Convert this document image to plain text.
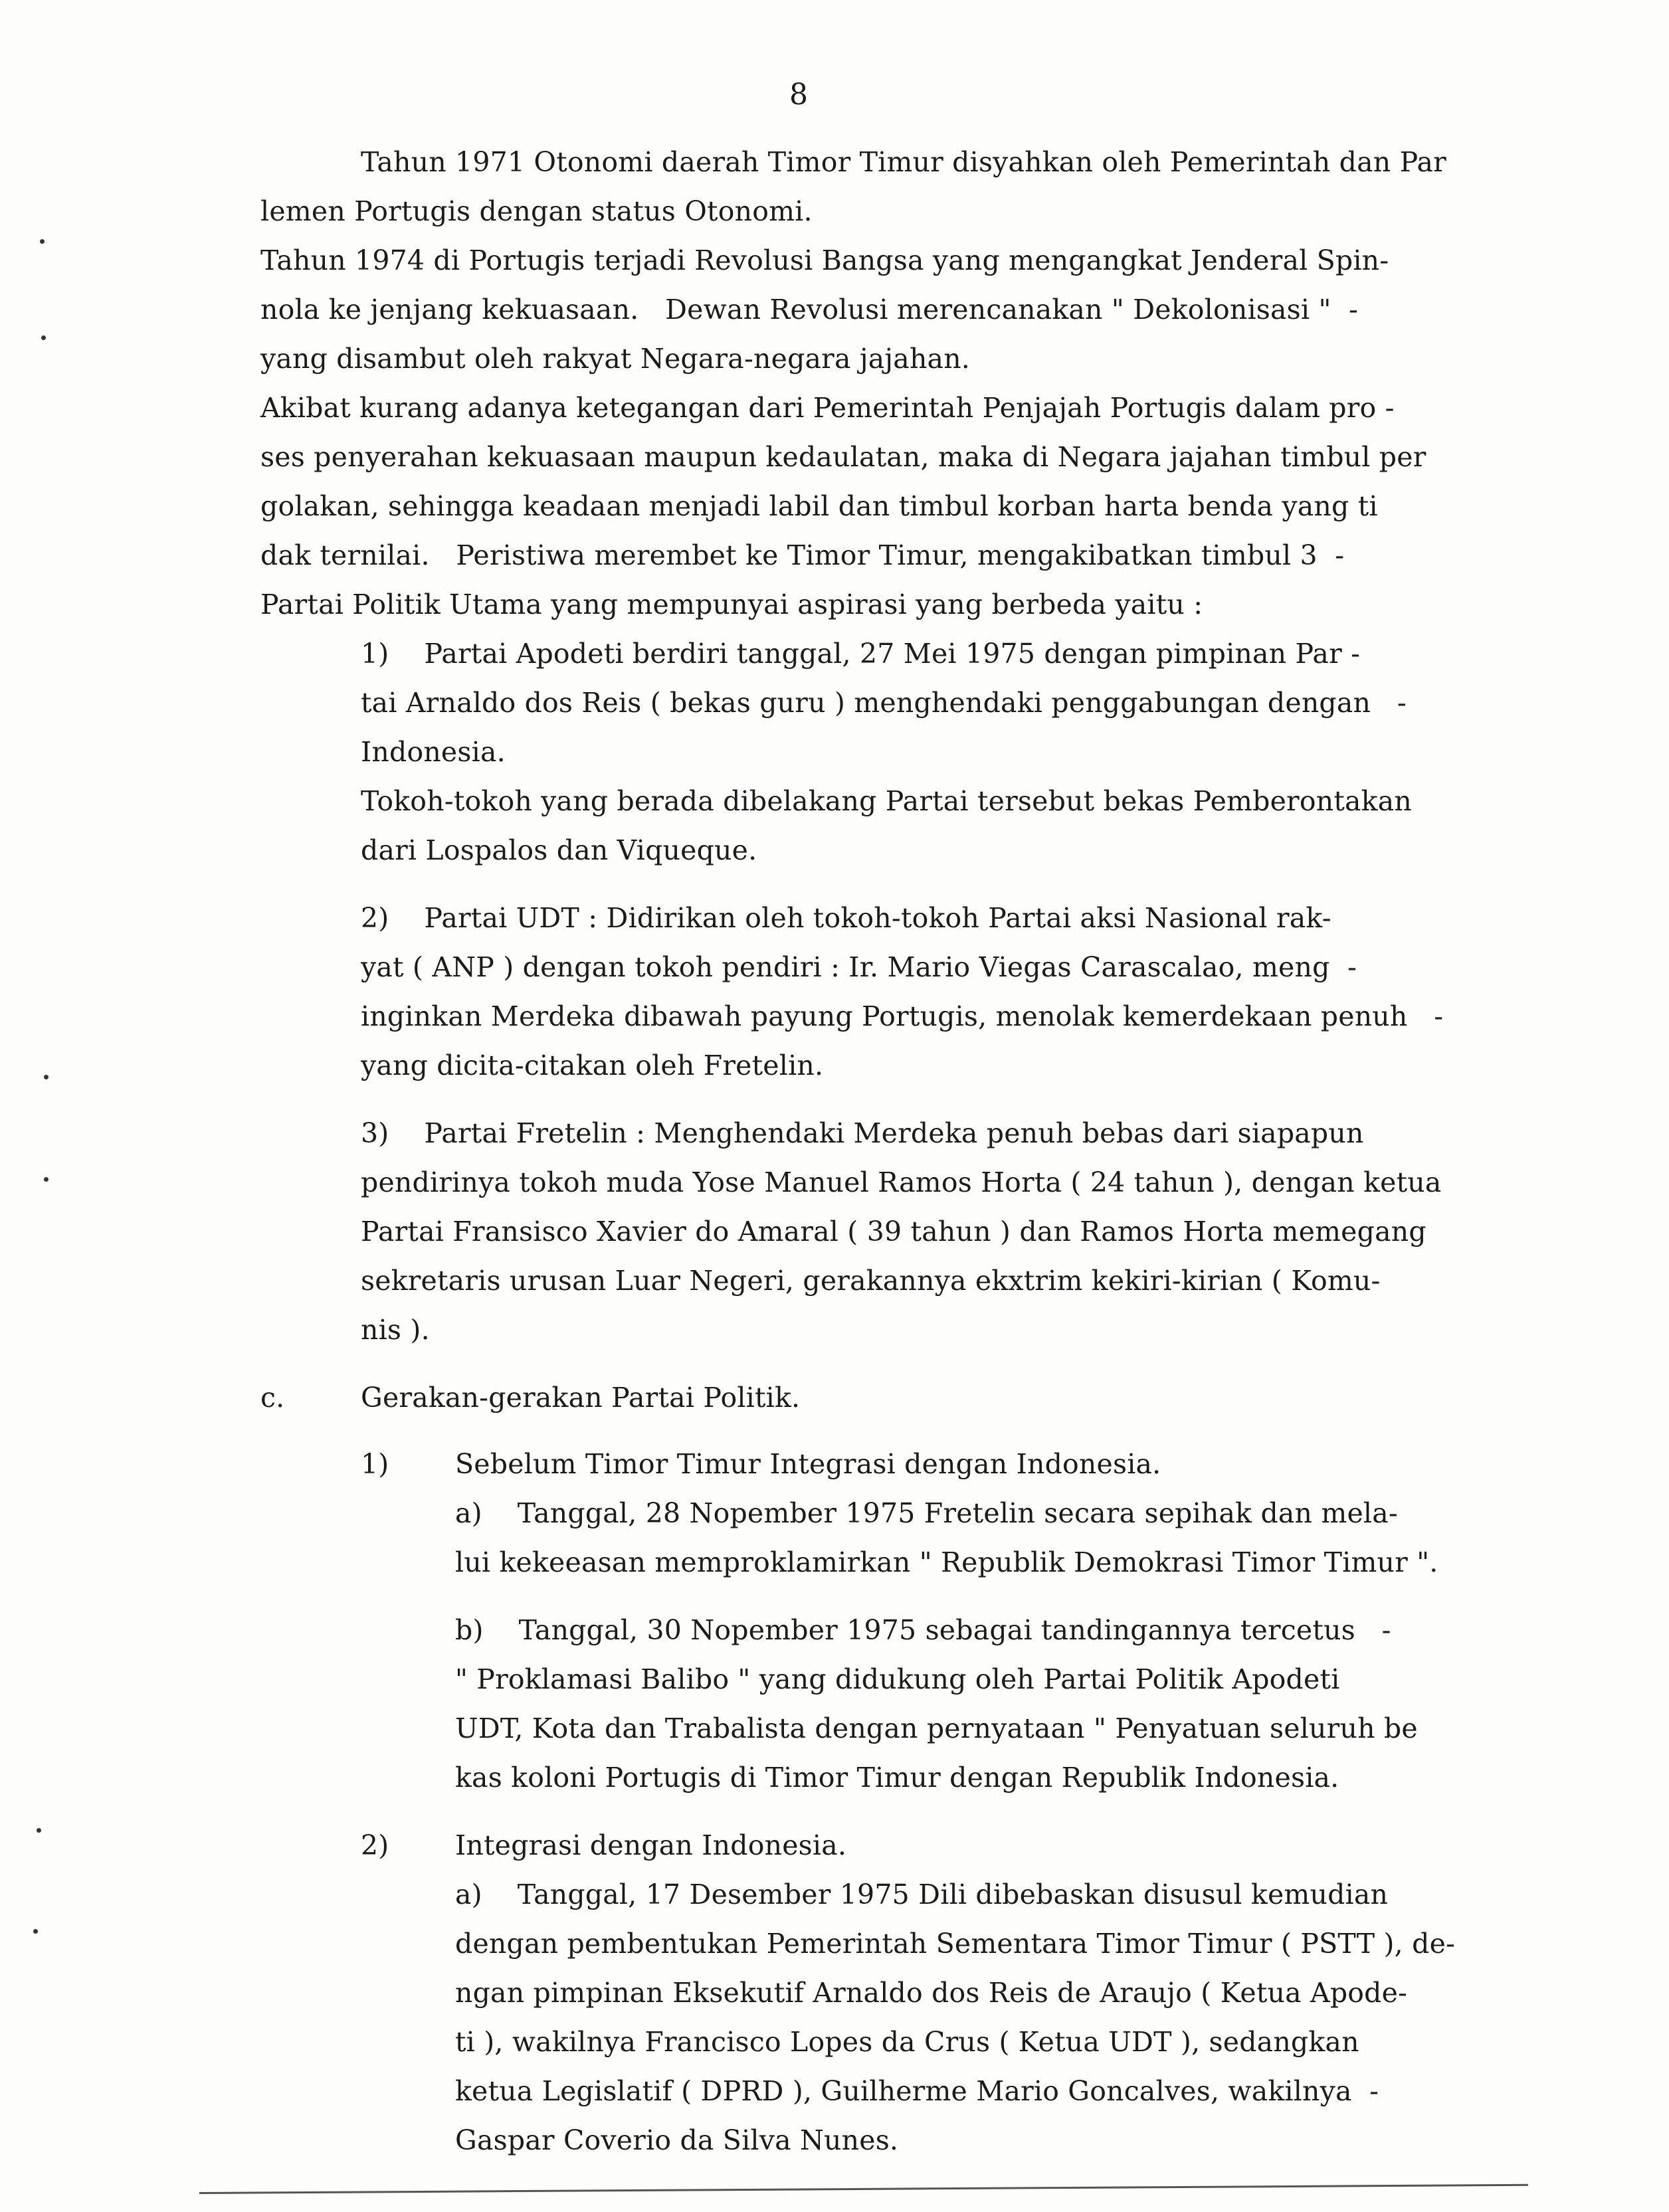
8
Tahun 1971 Otonomi daerah Timor Timur disyahkan oleh Pemerintah dan Par
lemen Portugis dengan status Otonomi.
Tahun 1974 di Portugis terjadi Revolusi Bangsa yang mengangkat Jenderal Spin-
nola ke jenjang kekuasaan.   Dewan Revolusi merencanakan " Dekolonisasi "  -
yang disambut oleh rakyat Negara-negara jajahan.
Akibat kurang adanya ketegangan dari Pemerintah Penjajah Portugis dalam pro -
ses penyerahan kekuasaan maupun kedaulatan, maka di Negara jajahan timbul per
golakan, sehingga keadaan menjadi labil dan timbul korban harta benda yang ti
dak ternilai.   Peristiwa merembet ke Timor Timur, mengakibatkan timbul 3  -
Partai Politik Utama yang mempunyai aspirasi yang berbeda yaitu :
1)    Partai Apodeti berdiri tanggal, 27 Mei 1975 dengan pimpinan Par -
tai Arnaldo dos Reis ( bekas guru ) menghendaki penggabungan dengan   -
Indonesia.
Tokoh-tokoh yang berada dibelakang Partai tersebut bekas Pemberontakan
dari Lospalos dan Viqueque.
2)    Partai UDT : Didirikan oleh tokoh-tokoh Partai aksi Nasional rak-
yat ( ANP ) dengan tokoh pendiri : Ir. Mario Viegas Carascalao, meng  -
inginkan Merdeka dibawah payung Portugis, menolak kemerdekaan penuh   -
yang dicita-citakan oleh Fretelin.
3)    Partai Fretelin : Menghendaki Merdeka penuh bebas dari siapapun
pendirinya tokoh muda Yose Manuel Ramos Horta ( 24 tahun ), dengan ketua
Partai Fransisco Xavier do Amaral ( 39 tahun ) dan Ramos Horta memegang
sekretaris urusan Luar Negeri, gerakannya ekxtrim kekiri-kirian ( Komu-
nis ).
c.	Gerakan-gerakan Partai Politik.
1) Sebelum Timor Timur Integrasi dengan Indonesia.
a)    Tanggal, 28 Nopember 1975 Fretelin secara sepihak dan mela-
lui kekeeasan memproklamirkan " Republik Demokrasi Timor Timur ".
b)    Tanggal, 30 Nopember 1975 sebagai tandingannya tercetus   -
" Proklamasi Balibo " yang didukung oleh Partai Politik Apodeti
UDT, Kota dan Trabalista dengan pernyataan " Penyatuan seluruh be
kas koloni Portugis di Timor Timur dengan Republik Indonesia.
2) Integrasi dengan Indonesia.
a)    Tanggal, 17 Desember 1975 Dili dibebaskan disusul kemudian
dengan pembentukan Pemerintah Sementara Timor Timur ( PSTT ), de-
ngan pimpinan Eksekutif Arnaldo dos Reis de Araujo ( Ketua Apode-
ti ), wakilnya Francisco Lopes da Crus ( Ketua UDT ), sedangkan
ketua Legislatif ( DPRD ), Guilherme Mario Goncalves, wakilnya  -
Gaspar Coverio da Silva Nunes.
